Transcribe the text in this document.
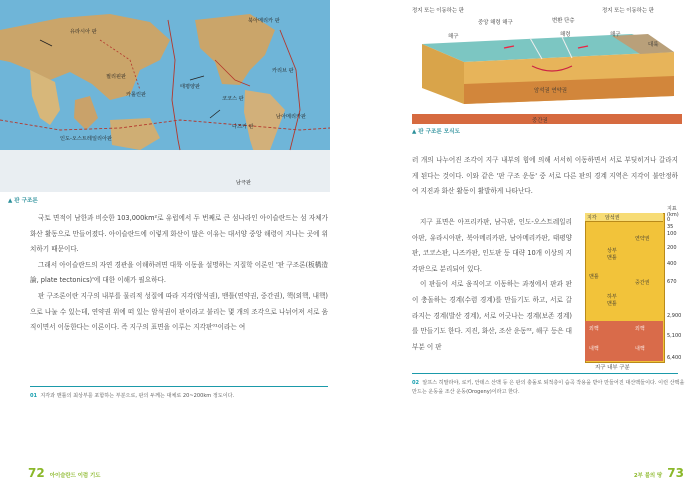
유라시아 판
북아메리카 판
태평양판
코코스 판
카리브 판
카롤린판
필리핀판
인도-오스트레일리아판
남아메리카판
나즈카 판
남극판
▲ 판 구조론

국토 면적이 남한과 비슷한 103,000km²로 유럽에서 두 번째로 큰 섬나라인 아이슬란드는 섬 자체가 화산 활동으로 만들어졌다. 아이슬란드에 이렇게 화산이 많은 이유는 대서양 중앙 해령이 지나는 곳에 위치하기 때문이다.

그래서 아이슬란드의 자연 경관을 이해하려면 대륙 이동을 설명하는 지질학 이론인 '판 구조론(板構造論, plate tectonics)'에 대한 이해가 필요하다.

판 구조론이란 지구의 내부를 물리적 성질에 따라 지각(암석권), 맨틀(연약권, 중간권), 핵(외핵, 내핵)으로 나눌 수 있는데, 연약권 위에 떠 있는 암석권이 판이라고 불리는 몇 개의 조각으로 나뉘어져 서로 움직이면서 이동한다는 이론이다. 즉 지구의 표면을 이루는 지각판⁰¹이라는 여

01 지각과 맨틀의 최상부를 포함하는 부분으로, 판의 두께는 대체로 20~200km 정도이다.
72 아이슬란드 이럼 기도
정지 또는 이동하는 판
중앙 해령 해구	변환 단층
정지 또는 이동하는 판
해구	해령	해구
대륙
암석권 연약권
중간권
▲ 판 구조론 모식도

러 개의 나누어진 조각이 지구 내부의 힘에 의해 서서히 이동하면서 서로 부딪히거나 갈라지게 된다는 것이다. 이와 같은 '판 구조 운동' 중 서로 다른 판의 경계 지역은 지각이 불안정하여 지진과 화산 활동이 활발하게 나타난다.

지구 표면은 아프리카판, 남극판, 인도-오스트레일리아판, 유라시아판, 북아메리카판, 남아메리카판, 태평양판, 코코스판, 나즈카판, 인도판 등 대략 10개 이상의 지각판으로 분리되어 있다.

이 판들이 서로 움직이고 이동하는 과정에서 판과 판이 충돌하는 경계(수렴 경계)를 만들기도 하고, 서로 갈라지는 경계(발산 경계), 서로 어긋나는 경계(보존 경계)를 만들기도 한다. 지진, 화산, 조산 운동⁰², 해구 등은 대부분 이 판

지각 암석권
맨틀
상부 맨틀
연약권
하부 맨틀
중간권
외핵
내핵
외핵
내핵
지표 (km)
0
35
100
200
400
670
2,900
5,100
6,400
지구 내부 구분
02 알프스 히말라야, 로키, 안데스 산맥 등 은 판의 충돌로 퇴적층이 습곡 작용을 받아 만들어진 대산맥들이다. 이런 산맥을 만드는 운동을 조산 운동(Orogeny)이라고 한다.
2부 불의 땅 73
